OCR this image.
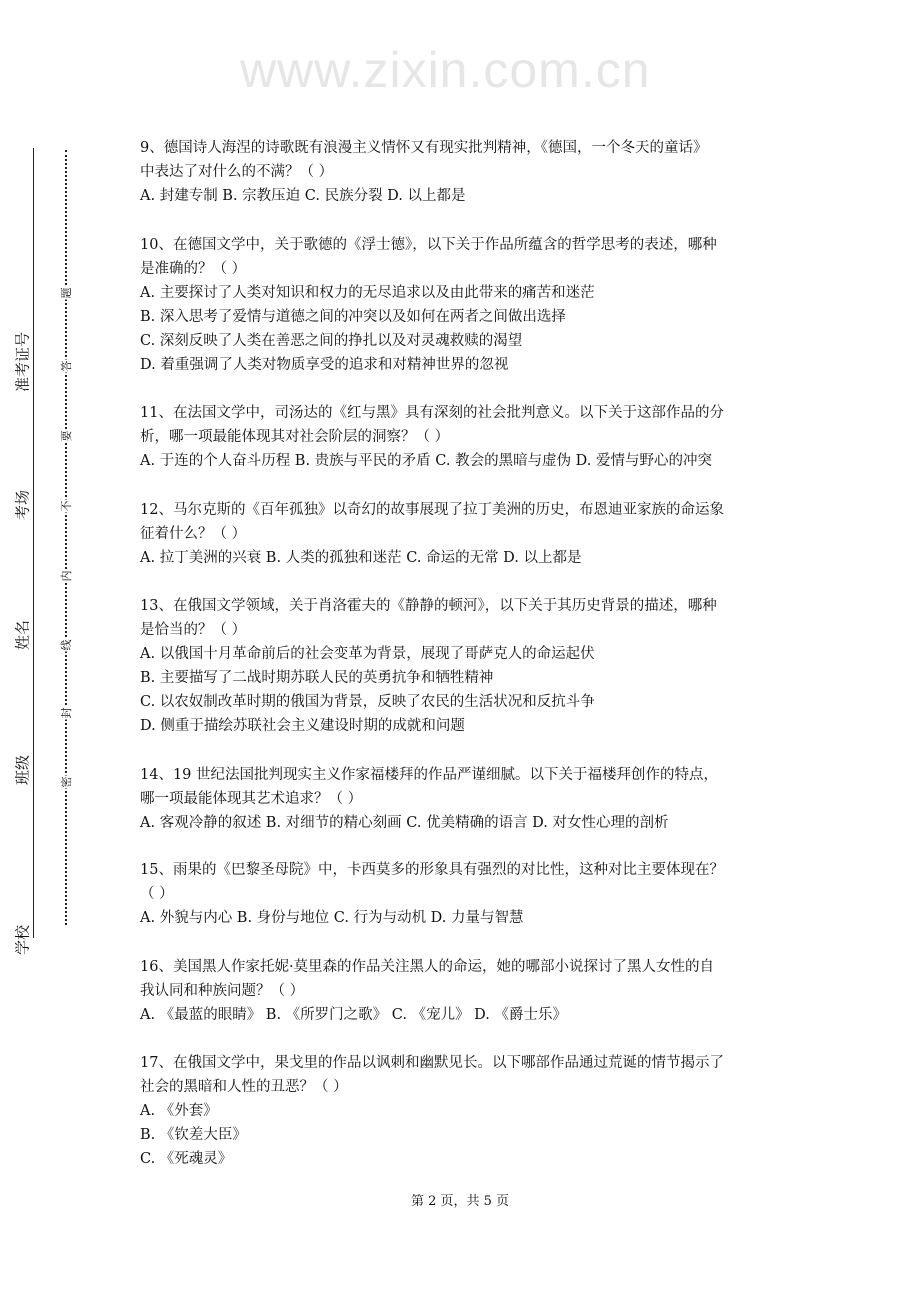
准考证号
考场
姓名
班级
学校
题
答
要
不
内
线
封
密
www.zixin.com.cn
9、德国诗人海涅的诗歌既有浪漫主义情怀又有现实批判精神，《德国，一个冬天的童话》
中表达了对什么的不满？（ ）
A. 封建专制 B. 宗教压迫 C. 民族分裂 D. 以上都是
10、在德国文学中，关于歌德的《浮士德》，以下关于作品所蕴含的哲学思考的表述，哪种
是准确的？（ ）
A. 主要探讨了人类对知识和权力的无尽追求以及由此带来的痛苦和迷茫
B. 深入思考了爱情与道德之间的冲突以及如何在两者之间做出选择
C. 深刻反映了人类在善恶之间的挣扎以及对灵魂救赎的渴望
D. 着重强调了人类对物质享受的追求和对精神世界的忽视
11、在法国文学中，司汤达的《红与黑》具有深刻的社会批判意义。以下关于这部作品的分
析，哪一项最能体现其对社会阶层的洞察？（ ）
A. 于连的个人奋斗历程 B. 贵族与平民的矛盾 C. 教会的黑暗与虚伪 D. 爱情与野心的冲突
12、马尔克斯的《百年孤独》以奇幻的故事展现了拉丁美洲的历史，布恩迪亚家族的命运象
征着什么？（ ）
A. 拉丁美洲的兴衰 B. 人类的孤独和迷茫 C. 命运的无常 D. 以上都是
13、在俄国文学领域，关于肖洛霍夫的《静静的顿河》，以下关于其历史背景的描述，哪种
是恰当的？（ ）
A. 以俄国十月革命前后的社会变革为背景，展现了哥萨克人的命运起伏
B. 主要描写了二战时期苏联人民的英勇抗争和牺牲精神
C. 以农奴制改革时期的俄国为背景，反映了农民的生活状况和反抗斗争
D. 侧重于描绘苏联社会主义建设时期的成就和问题
14、19 世纪法国批判现实主义作家福楼拜的作品严谨细腻。以下关于福楼拜创作的特点，
哪一项最能体现其艺术追求？（ ）
A. 客观冷静的叙述 B. 对细节的精心刻画 C. 优美精确的语言 D. 对女性心理的剖析
15、雨果的《巴黎圣母院》中，卡西莫多的形象具有强烈的对比性，这种对比主要体现在？
（ ）
A. 外貌与内心 B. 身份与地位 C. 行为与动机 D. 力量与智慧
16、美国黑人作家托妮·莫里森的作品关注黑人的命运，她的哪部小说探讨了黑人女性的自
我认同和种族问题？（ ）
A. 《最蓝的眼睛》 B. 《所罗门之歌》 C. 《宠儿》 D. 《爵士乐》
17、在俄国文学中，果戈里的作品以讽刺和幽默见长。以下哪部作品通过荒诞的情节揭示了
社会的黑暗和人性的丑恶？（ ）
A. 《外套》
B. 《钦差大臣》
C. 《死魂灵》
第 2 页，共 5 页
